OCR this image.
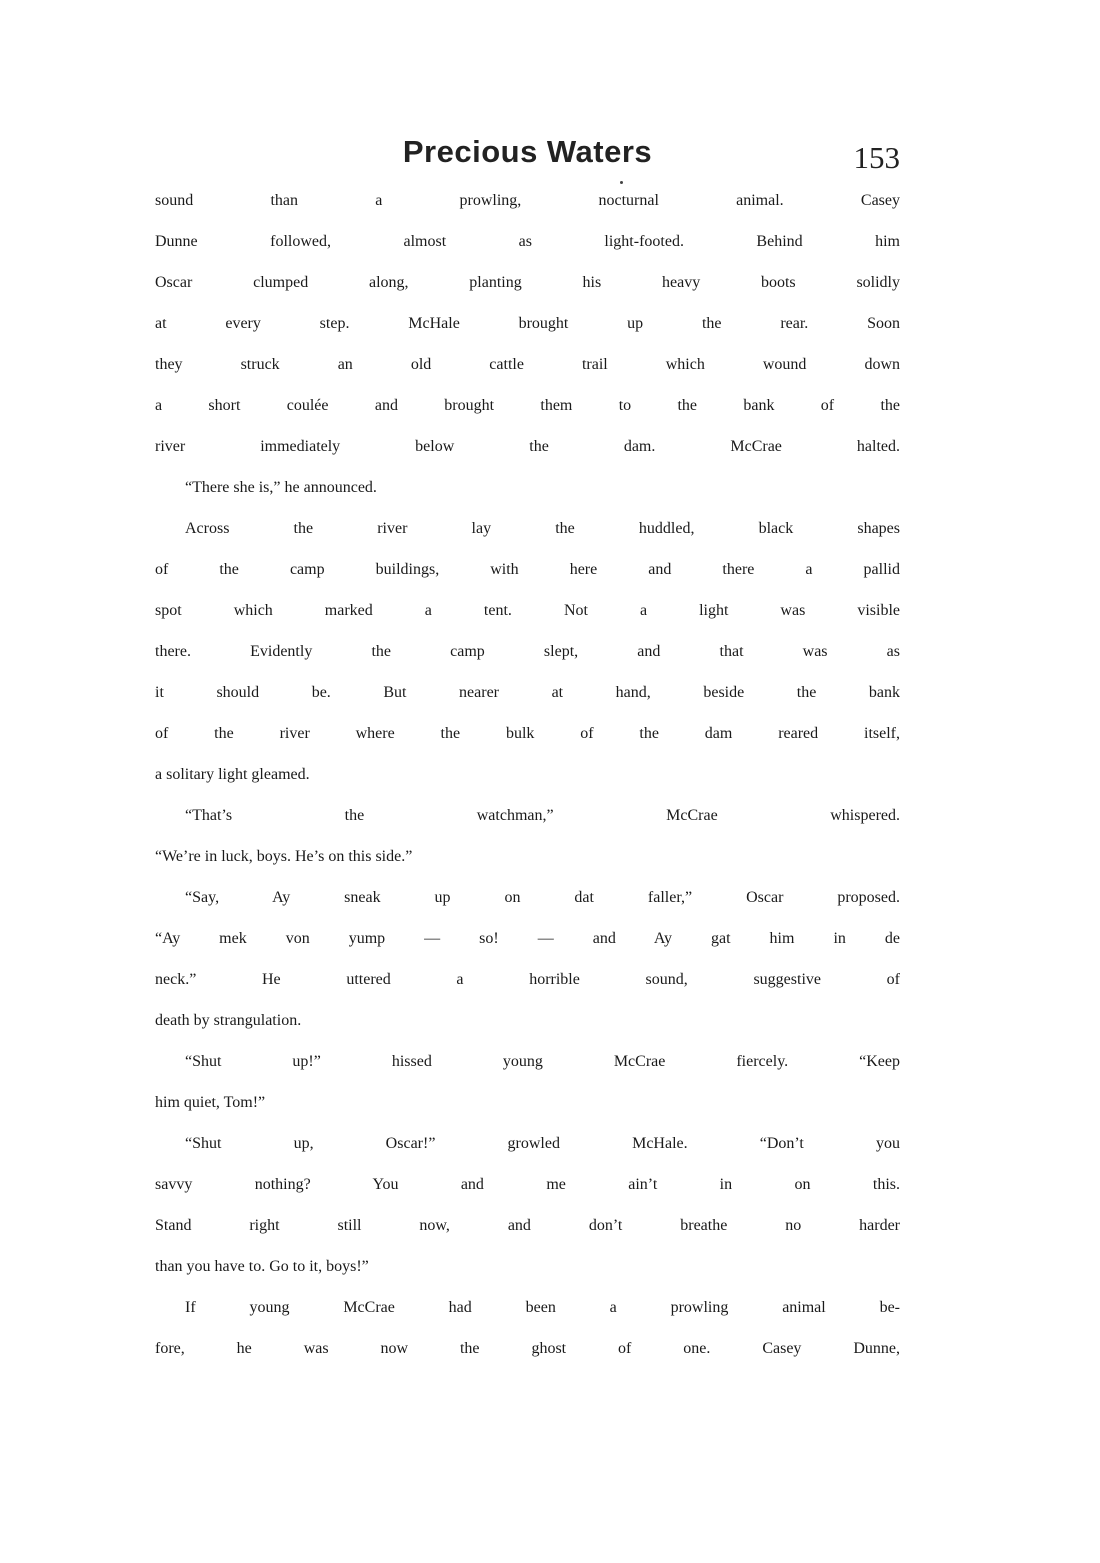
Precious Waters	153
sound than a prowling, nocturnal animal. Casey
Dunne followed, almost as light-footed. Behind him
Oscar clumped along, planting his heavy boots solidly
at every step. McHale brought up the rear. Soon
they struck an old cattle trail which wound down
a short coulée and brought them to the bank of the
river immediately below the dam. McCrae halted.
“There she is,” he announced.
Across the river lay the huddled, black shapes
of the camp buildings, with here and there a pallid
spot which marked a tent. Not a light was visible
there. Evidently the camp slept, and that was as
it should be. But nearer at hand, beside the bank
of the river where the bulk of the dam reared itself,
a solitary light gleamed.
“That’s the watchman,” McCrae whispered.
“We’re in luck, boys. He’s on this side.”
“Say, Ay sneak up on dat faller,” Oscar proposed.
“Ay mek von yump — so! — and Ay gat him in de
neck.” He uttered a horrible sound, suggestive of
death by strangulation.
“Shut up!” hissed young McCrae fiercely. “Keep
him quiet, Tom!”
“Shut up, Oscar!” growled McHale. “Don’t you
savvy nothing? You and me ain’t in on this.
Stand right still now, and don’t breathe no harder
than you have to. Go to it, boys!”
If young McCrae had been a prowling animal be-
fore, he was now the ghost of one. Casey Dunne,
